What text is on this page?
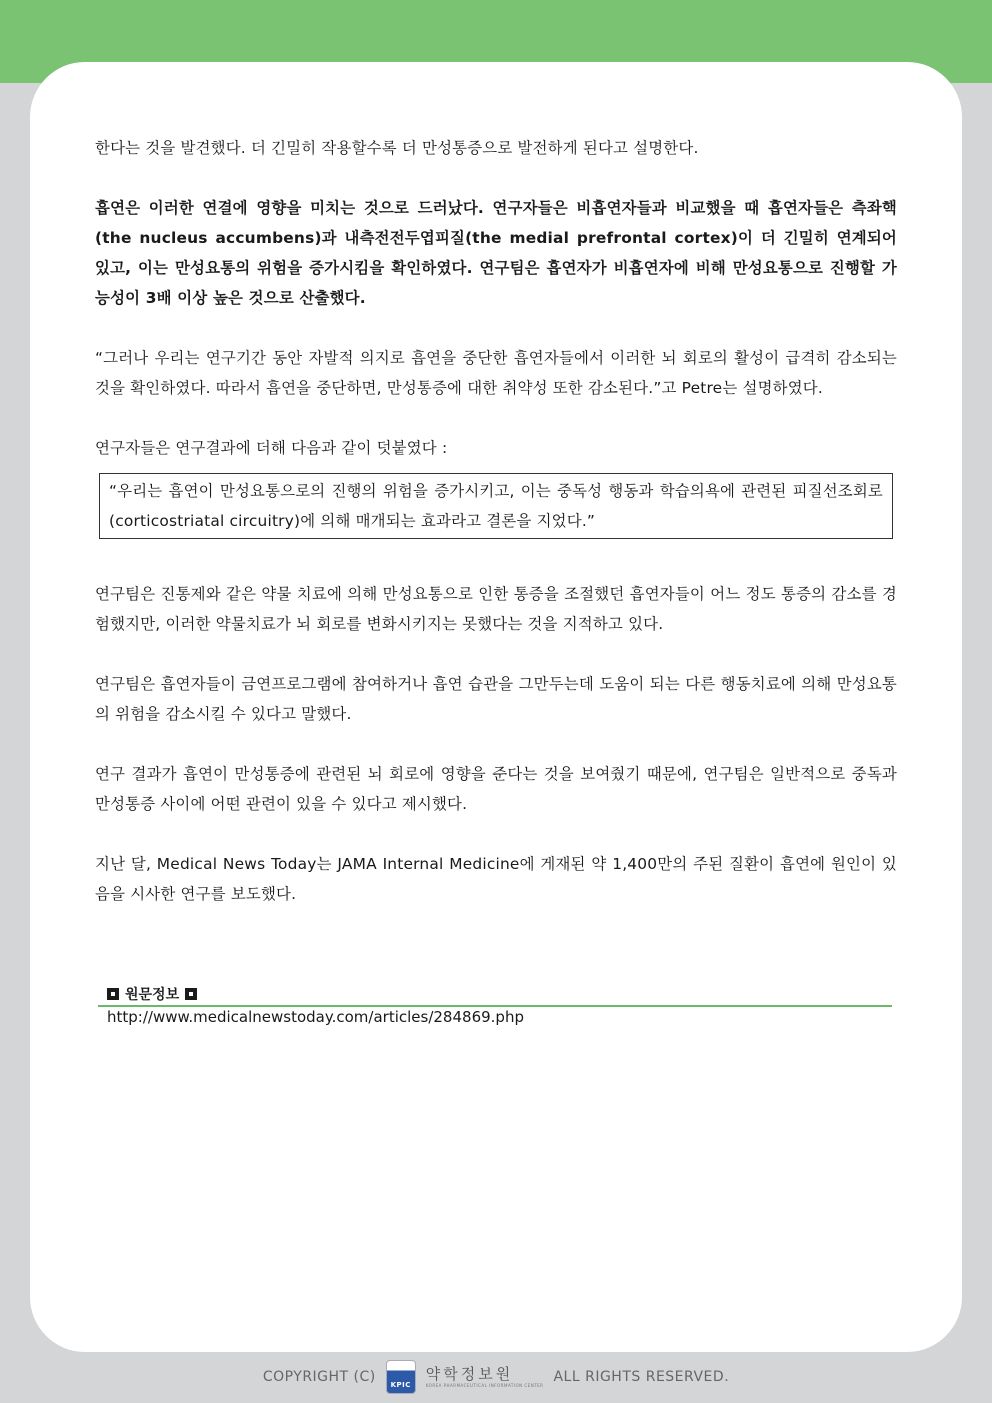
한다는 것을 발견했다. 더 긴밀히 작용할수록 더 만성통증으로 발전하게 된다고 설명한다.

흡연은 이러한 연결에 영향을 미치는 것으로 드러났다. 연구자들은 비흡연자들과 비교했을 때 흡연자들은 측좌핵(the nucleus accumbens)과 내측전전두엽피질(the medial prefrontal cortex)이 더 긴밀히 연계되어 있고, 이는 만성요통의 위험을 증가시킴을 확인하였다. 연구팀은 흡연자가 비흡연자에 비해 만성요통으로 진행할 가능성이 3배 이상 높은 것으로 산출했다.

“그러나 우리는 연구기간 동안 자발적 의지로 흡연을 중단한 흡연자들에서 이러한 뇌 회로의 활성이 급격히 감소되는 것을 확인하였다. 따라서 흡연을 중단하면, 만성통증에 대한 취약성 또한 감소된다.”고 Petre는 설명하였다.

연구자들은 연구결과에 더해 다음과 같이 덧붙였다 :

“우리는 흡연이 만성요통으로의 진행의 위험을 증가시키고, 이는 중독성 행동과 학습의욕에 관련된 피질선조회로(corticostriatal circuitry)에 의해 매개되는 효과라고 결론을 지었다.”

연구팀은 진통제와 같은 약물 치료에 의해 만성요통으로 인한 통증을 조절했던 흡연자들이 어느 정도 통증의 감소를 경험했지만, 이러한 약물치료가 뇌 회로를 변화시키지는 못했다는 것을 지적하고 있다.

연구팀은 흡연자들이 금연프로그램에 참여하거나 흡연 습관을 그만두는데 도움이 되는 다른 행동치료에 의해 만성요통의 위험을 감소시킬 수 있다고 말했다.

연구 결과가 흡연이 만성통증에 관련된 뇌 회로에 영향을 준다는 것을 보여줬기 때문에, 연구팀은 일반적으로 중독과 만성통증 사이에 어떤 관련이 있을 수 있다고 제시했다.

지난 달, Medical News Today는 JAMA Internal Medicine에 게재된 약 1,400만의 주된 질환이 흡연에 원인이 있음을 시사한 연구를 보도했다.

원문정보
http://www.medicalnewstoday.com/articles/284869.php
COPYRIGHT (C)	KPIC
약학정보원
KOREA PHARMACEUTICAL INFORMATION CENTER ALL RIGHTS RESERVED.
